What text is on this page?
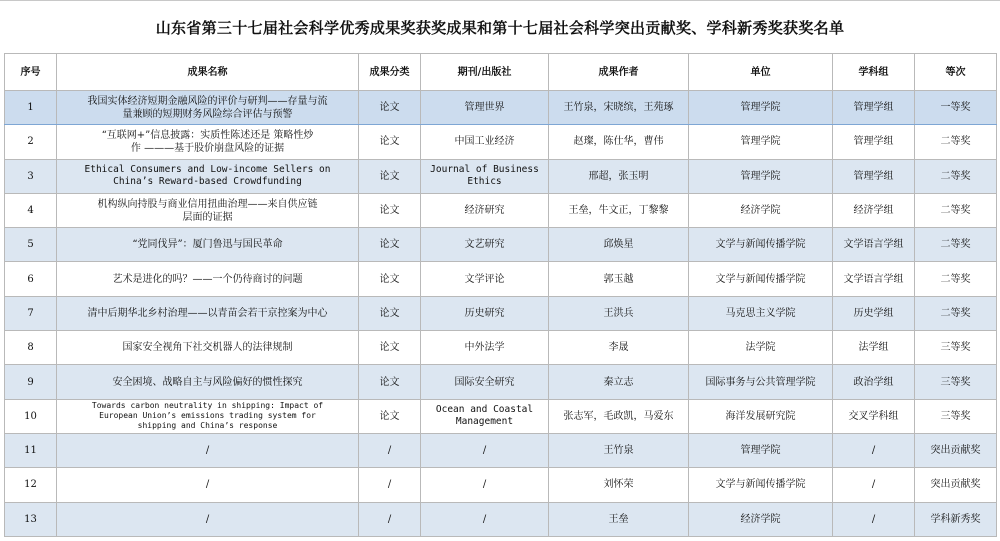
山东省第三十七届社会科学优秀成果奖获奖成果和第十七届社会科学突出贡献奖、学科新秀奖获奖名单
序号	成果名称	成果分类	期刊/出版社	成果作者	单位	学科组	等次
1	我国实体经济短期金融风险的评价与研判——存量与流量兼顾的短期财务风险综合评估与预警	论文	管理世界	王竹泉，宋晓缤，王苑琢	管理学院	管理学组	一等奖
2	“互联网+”信息披露：实质性陈述还是 策略性炒作 ———基于股价崩盘风险的证据	论文	中国工业经济	赵璨，陈仕华，曹伟	管理学院	管理学组	二等奖
3	Ethical Consumers and Low-income Sellers on China’s Reward-based Crowdfunding	论文	Journal of Business Ethics	邢超，张玉明	管理学院	管理学组	二等奖
4	机构纵向持股与商业信用扭曲治理——来自供应链层面的证据	论文	经济研究	王垒，牛文正，丁黎黎	经济学院	经济学组	二等奖
5	“党同伐异”：厦门鲁迅与国民革命	论文	文艺研究	邱焕星	文学与新闻传播学院	文学语言学组	二等奖
6	艺术是进化的吗？——一个仍待商讨的问题	论文	文学评论	郭玉越	文学与新闻传播学院	文学语言学组	二等奖
7	清中后期华北乡村治理——以青苗会若干京控案为中心	论文	历史研究	王洪兵	马克思主义学院	历史学组	二等奖
8	国家安全视角下社交机器人的法律规制	论文	中外法学	李晟	法学院	法学组	三等奖
9	安全困境、战略自主与风险偏好的惯性探究	论文	国际安全研究	秦立志	国际事务与公共管理学院	政治学组	三等奖
10	Towards carbon neutrality in shipping: Impact of European Union’s emissions trading system for shipping and China’s response	论文	Ocean and Coastal Management	张志军，毛政凯，马爱东	海洋发展研究院	交叉学科组	三等奖
11	/	/	/	王竹泉	管理学院	/	突出贡献奖
12	/	/	/	刘怀荣	文学与新闻传播学院	/	突出贡献奖
13	/	/	/	王垒	经济学院	/	学科新秀奖
